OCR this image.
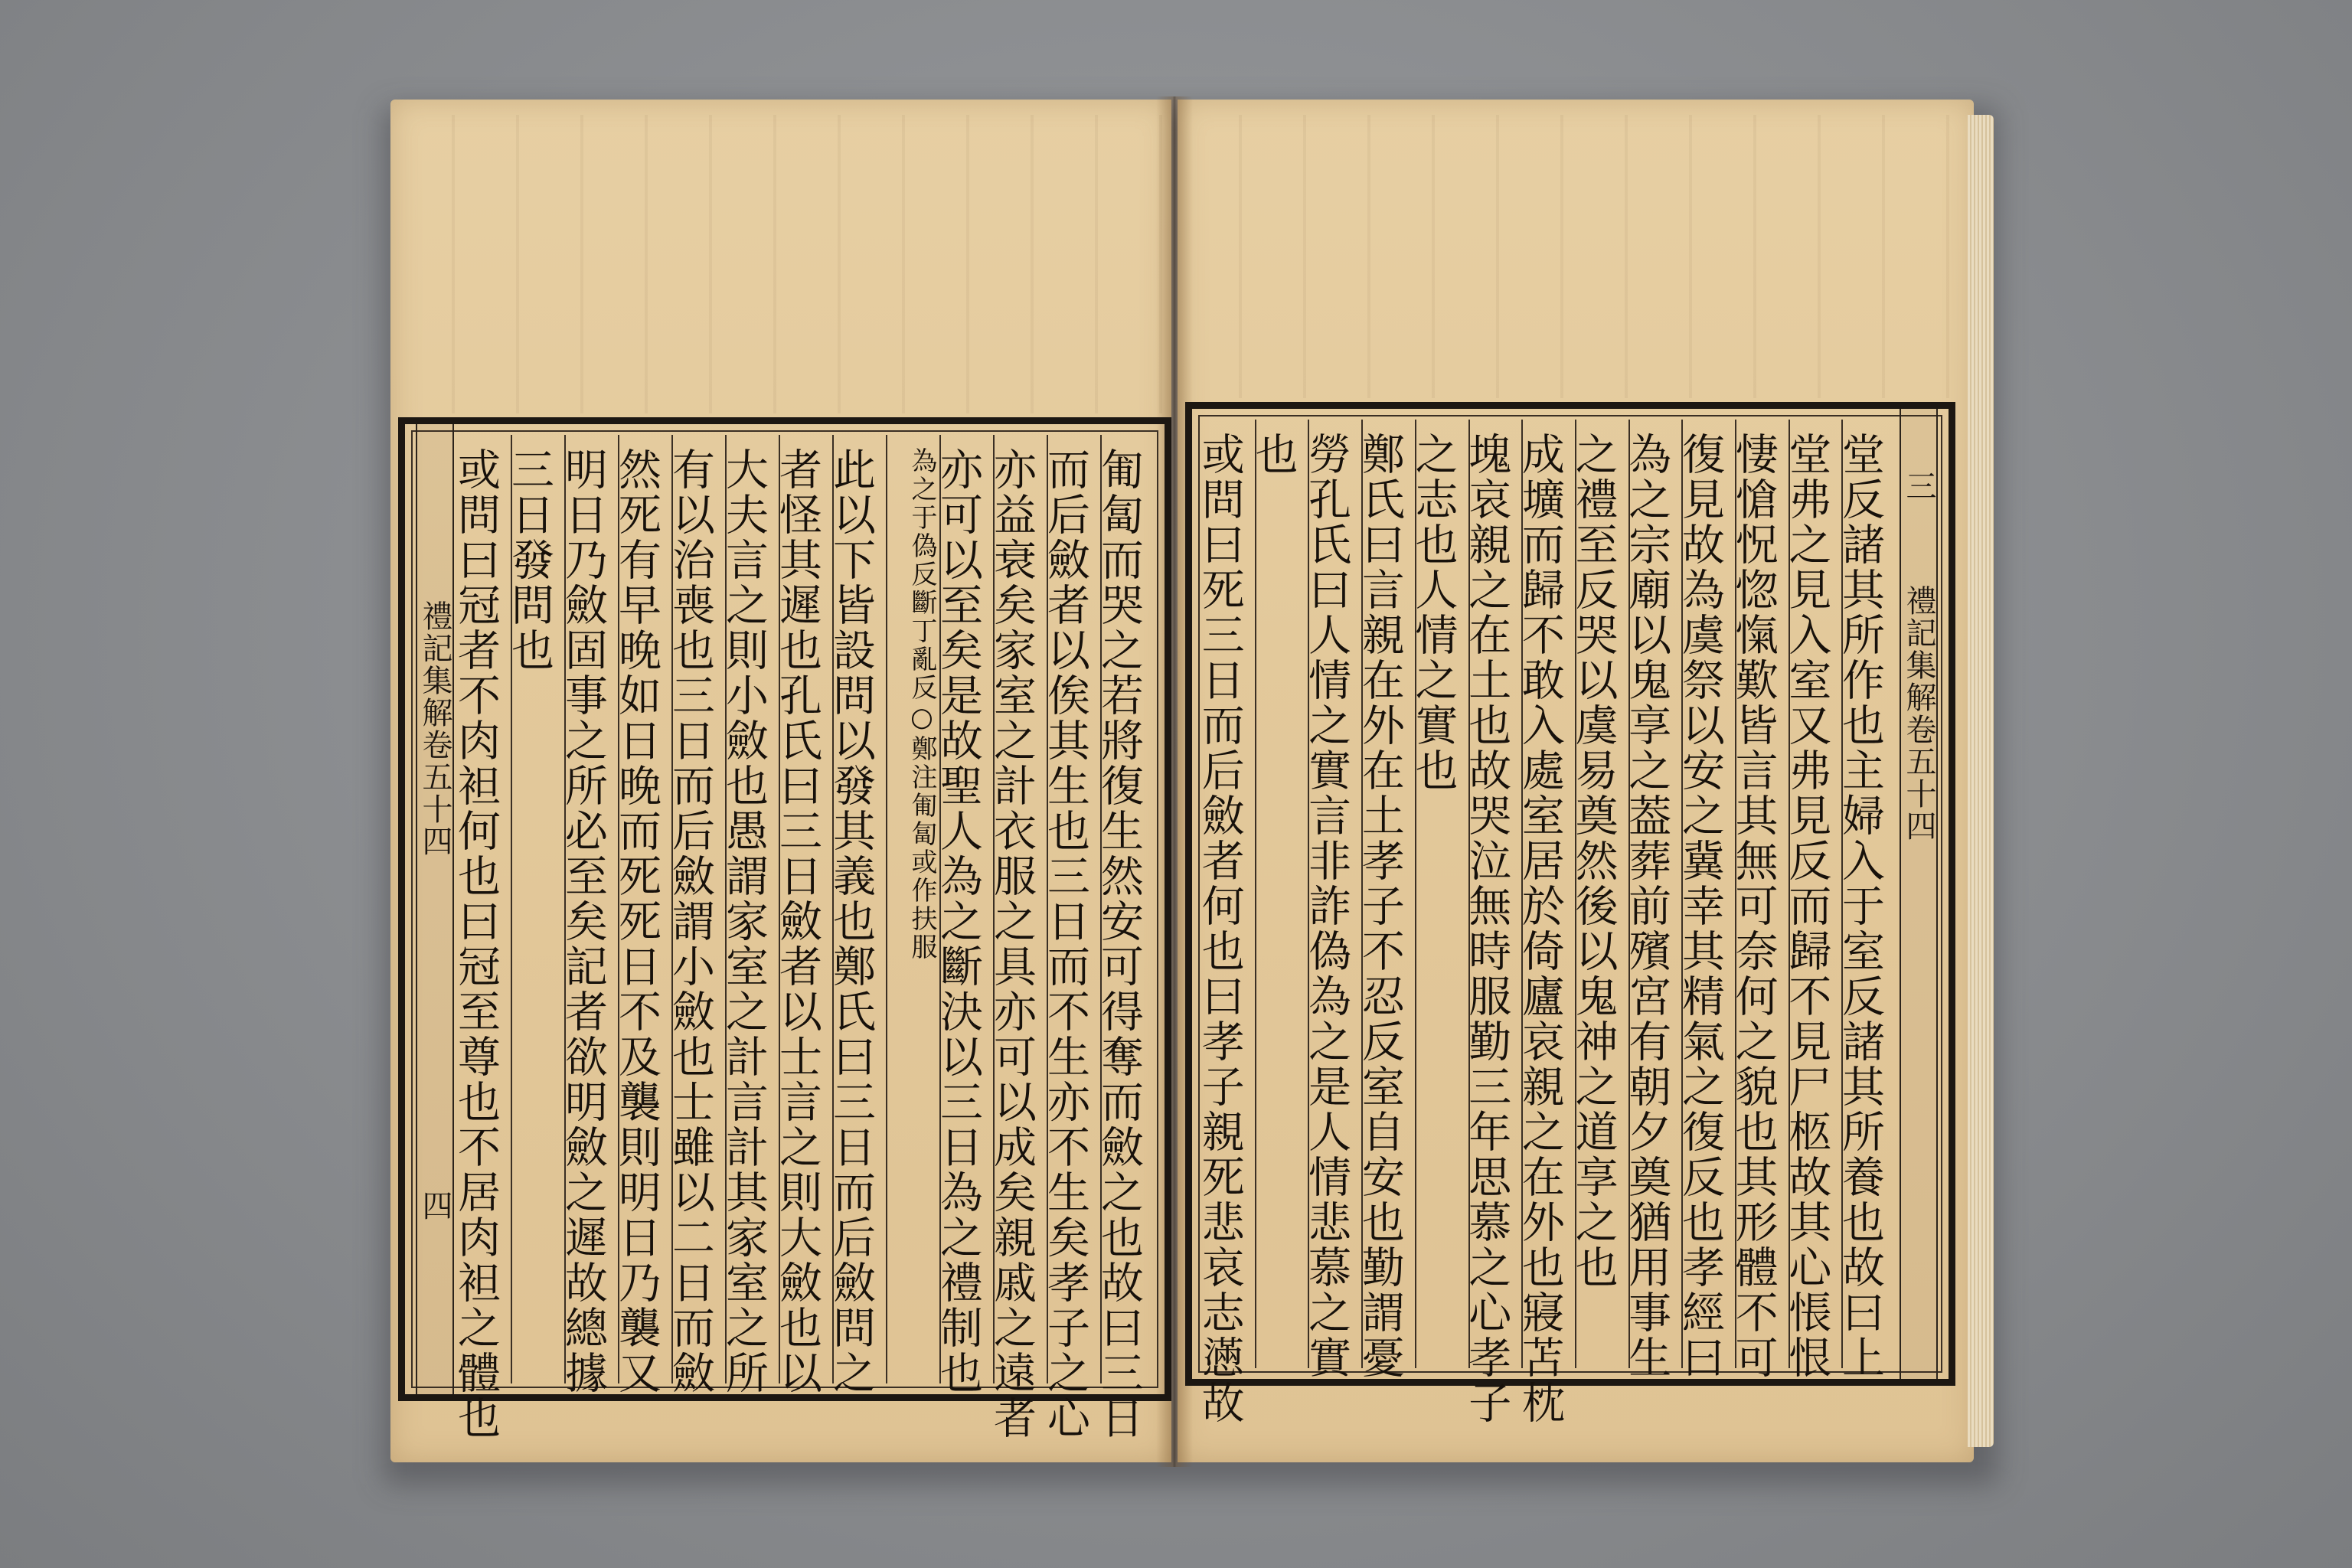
禮記集解卷五十四
四	匍匐而哭之若將復生然安可得奪而斂之也故曰三日
而后斂者以俟其生也三日而不生亦不生矣孝子之心
亦益衰矣家室之計衣服之具亦可以成矣親戚之遠者
亦可以至矣是故聖人為之斷決以三日為之禮制也
為之于偽反斷丁亂反○鄭注匍匐或作扶服
此以下皆設問以發其義也鄭氏曰三日而后斂問之
者怪其遲也孔氏曰三日斂者以士言之則大斂也以
大夫言之則小斂也愚謂家室之計言計其家室之所
有以治喪也三日而后斂謂小斂也士雖以二日而斂
然死有早晚如日晚而死死日不及襲則明日乃襲又
明日乃斂固事之所必至矣記者欲明斂之遲故總據
三日發問也
或問曰冠者不肉袒何也曰冠至尊也不居肉袒之體也	禮記集解卷五十四
三
堂反諸其所作也主婦入于室反諸其所養也故曰上
堂弗之見入室又弗見反而歸不見尸柩故其心悵恨
悽愴怳惚愾歎皆言其無可奈何之貌也其形體不可
復見故為虞祭以安之冀幸其精氣之復反也孝經曰
為之宗廟以鬼享之葢葬前殯宮有朝夕奠猶用事生
之禮至反哭以虞易奠然後以鬼神之道享之也
成壙而歸不敢入處室居於倚廬哀親之在外也寢苫枕
塊哀親之在土也故哭泣無時服勤三年思慕之心孝子
之志也人情之實也
鄭氏曰言親在外在土孝子不忍反室自安也勤謂憂
勞孔氏曰人情之實言非詐偽為之是人情悲慕之實
也
或問曰死三日而后斂者何也曰孝子親死悲哀志懣故
